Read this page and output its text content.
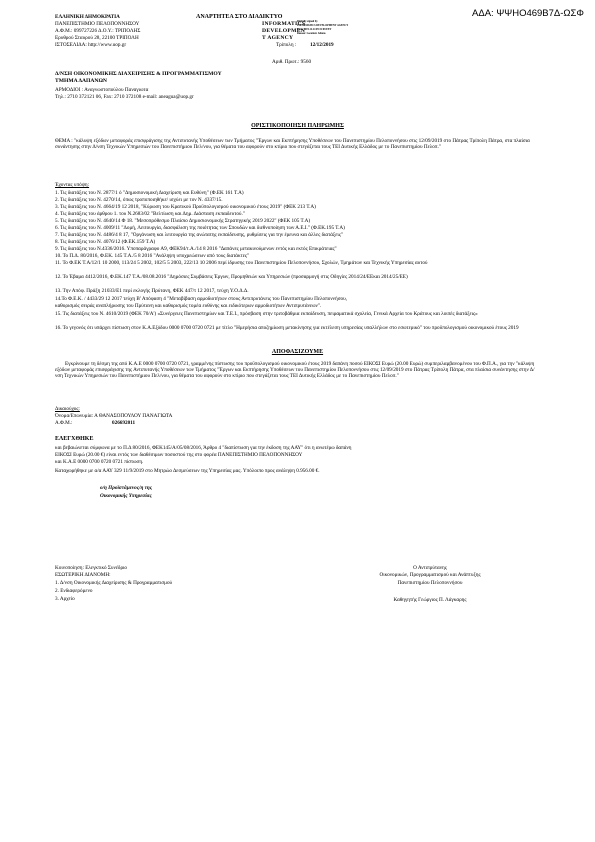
ΑΔΑ: ΨΨΗΟ469Β7Δ-ΩΣΦ
ΕΛΛΗΝΙΚΗ ΔΗΜΟΚΡΑΤΙΑ
ΠΑΝΕΠΙΣΤΗΜΙΟ ΠΕΛΟΠΟΝΝΗΣΟΥ
Α.Φ.Μ.: 099727226 Δ.Ο.Υ.: ΤΡΙΠΟΛΗΣ
Ερυθρού Σταυρού 28, 22100 ΤΡΙΠΟΛΗ
ΙΣΤΟΣΕΛΙΔΑ: http://www.uop.gr
ΑΝΑΡΤΗΤΕΑ ΣΤΟ ΔΙΑΔΙΚΤΥΟ
INFORMATICS
DEVELOPMEN
T AGENCY
Digitally signed by
INFORMATICS DEVELOPMENT AGENCY
Date: 2019.12.24 09:31:08 EET
Reason: Location: Athens
Τρίπολη :	12/12/2019
Αριθ. Πρωτ.: 9560
Δ/ΝΣΗ ΟΙΚΟΝΟΜΙΚΗΣ ΔΙΑΧΕΙΡΙΣΗΣ & ΠΡΟΓΡΑΜΜΑΤΙΣΜΟΥ
ΤΜΗΜΑ ΔΑΠΑΝΩΝ
ΑΡΜΟΔΙΟΙ : Αναγνωστοπούλου Παναγιωτα
Τηλ.: 2710 372121 06, Fax: 2710 372108 e-mail: aneagua@uop.gr
ΟΡΙΣΤΙΚΟΠΟΙΗΣΗ ΠΛΗΡΩΜΗΣ
ΘΕΜΑ : "κάλυψη εξόδων μεταφοράς επισφράγισης της Αντιπυτανής Υποθέσεων των Τμήματος "Έργων και Εκπτήρησης Υποθέσεων του Πανεπιστημίου Πελοποννήσου στις 12/09/2019 στο Πάτρας Τρίπολη Πάτρα, στα πλαίσια συνάντησης στην Δ/νση Τεχνικών Υπηρεσιών του Πανεπιστήμιου Πελ/νου, για θέματα του αφορούν στο κτίριο που στεγάζεται τους ΤΕΙ Δυτικής Ελλάδος με το Πανεπιστημίου Πελοπ."
Έχοντας υπόψη:
1. Τις διατάξεις του Ν. 2877/1 ό "Δημοσιονομική Διαχείριση και Ευθύνη" (Φ.ΕΚ 161 Τ.Α)
2. Τις διατάξεις του Ν. 4270/14, όπως τροποποιηθήκε/ ισχύει με τον Ν. 4337/15.
3. Τις διατάξεις του Ν. 4664/19 12 2018, "Κύρωση του Κρατικού Προϋπολογισμού οικονομικού έτους 2019" (ΦΕΚ 213 Τ.Α)
4. Τις διατάξεις του άρθρου 1. του Ν.2683/02 "Βελτίωση και Δημ. Διάσταση εκπαιδευτού."
5. Τις διατάξεις του Ν. 4640/14 Φ 18. "Μεσοπρόθεσμο Πλαίσιο Δημοσιονομικής Στρατηγικής 2019 2022" (ΦΕΚ 105 Τ.Α)
6. Τις διατάξεις του Ν. 4009/11 "Δομή, Λειτουργία, διασφάλιση της ποιότητας των Σπουδών και διεθνοποίηση των Α.Ε.Ι." (Φ.ΕΚ.195 Τ.Α)
7. Τις διατάξεις του Ν. 4486/4 8 17, "Οργάνωση και λειτουργία της ανώτατης εκπαίδευσης, ρυθμίσεις για την έρευνα και άλλες διατάξεις"
8. Τις διατάξεις του Ν. 4076/12 (Φ.ΕΚ.159 Τ.Α)
9. Τις διατάξεις του Ν.4336/2016. Υποπαράγραφο Α9, ΦΕΚ94/τ.Α./14 8 2016 "Δαπάνες μετακινούμενων εντός και εκτός Επικράτειας"
10. Το Π.Δ. 80/2016, Φ.ΕΚ. 145 Τ.Α./5 8 2016 "Ανάληψη υποχρεώσεων από τους διατάκτες"
11. Το Φ.ΕΚ Τ.Α/12/1 10 2000, 113/24 5 2002, 102/5 5 2003, 222/13 10 2006 περί ίδρυσης του Πανεπιστημίου Πελοποννήσου, Σχολών, Τμημάτων και Τεχνικής Υπηρεσίας αυτού
12. Το Έβαμα 4412/2016, Φ.ΕΚ.147 Τ.Α./08.08.2016 "Δημόσιες Συμβάσεις Έργων, Προμηθειών και Υπηρεσιών (προσαρμογή στις Οδηγίες 2014/24/ΕΕκαι 2014/25/ΕΕ)
13. Την Απόφ. Πράξη 21033/Ε1 περί εκλογής Πρύτανη, ΦΕΚ 447/τ 12 2017, τεύχη Υ.Ο.Δ.Δ.
14.Το Φ.Ε.Κ. / 4433/29 12 2017 τεύχη Β' Απόφαση 4 "Μεταβίβαση αρμοδιοτήτων στους Αντιπρυτάνεις του Πανεπιστημίου Πελοποννήσου,
καθορισμός σειράς αναπλήρωσης του Πρύτανη και καθορισμός τομέα ευθύνης και ειδικότερων αρμοδιοτήτων Αντιπρυτάνεων".
15. Τις διατάξεις του Ν. 4610/2019 (ΦΕΚ 70/Α') «Συνέργειες Πανεπιστημίων και Τ.Ε.Ι., πρόσβαση στην τριτοβάθμια εκπαίδευση, πειραματικά σχολεία, Γενικά Αρχεία του Κράτους και λοιπές διατάξεις»
16. Το γεγονός ότι υπάρχει πίστωση στον Κ.Α.Εξόδου 0000 0700 0720 0721 με τίτλο "Ημερήσια αποζημίωση μετακίνησης για εκτέλεση υπηρεσίας υπαλλήλων στο εσωτερικό" του προϋπολογισμού οικονομικού έτους 2019
ΑΠΟΦΑΣΙΖΟΥΜΕ
Εγκρίνουμε τη δέσμη της από Κ.Α.Ε 0000 0700 0720 0721, γραμμένης πίστωσης του προϋπολογισμού οικονομικού έτους 2019 δαπάνη ποσού ΕΙΚΟΣΙ Ευρώ (20.00 Ευρώ) συμπεριλαμβανομένου του Φ.Π.Α., για την "κάλυψη εξόδων μεταφοράς επισφράγισης της Αντιπυτανής Υποθέσεων των Τμήματος "Έργων και Εκπτήρησης Υποθέσεων του Πανεπιστημίου Πελοποννήσου στις 12/09/2019 στο Πάτρας Τρίπολη Πάτρα, στα πλαίσια συνάντησης στην Δ/νση Τεχνικών Υπηρεσιών του Πανεπιστήμιου Πελ/νου, για θέματα του αφορούν στο κτίριο που στεγάζεται τους ΤΕΙ Δυτικής Ελλάδος με το Πανεπιστημίου Πελοπ."
Δικαιούχος:
Όνομα/Επωνυμία: Α ΘΑΝΑΣΟΠΟΥΛΟΥ ΠΑΝΑΓΙΩΤΑ
Α.Φ.Μ.:	026692011
ΕΛΕΓΧΘΗΚΕ
και βεβαιώνεται σύμφωνα με το Π.Δ 80/2016, ΦΕΚ145/Α/05/08/2016, Άρθρο 4 "διαπίστωση για την έκδοση της ΑΑΥ" ότι η ανωτέρω δαπάνη
ΕΙΚΟΣΙ Ευρώ (20.00 €) είναι εντός των διαθέσιμων ποσοστού της στο φορέα ΠΑΝΕΠΙΣΤΗΜΙΟ ΠΕΛΟΠΟΝΝΗΣΟΥ
και Κ.Α.Ε 0000 0700 0720 0721 πίστωση.
Καταχωρήθηκε με α/α ΑΑΥ 329 11/9/2019 στο Μητρώο Δεσμεύσεων της Υπηρεσίας μας. Υπόλοιπο προς ανάληψη 0.956.00 €.
ο/η Προϊστάμενος/η της
Οικονομικής Υπηρεσίας
Κοινοποίηση: Ελεγκτικό Συνέδριο
ΕΣΩΤΕΡΙΚΗ ΔΙΑΝΟΜΗ:
1. Δ/νση Οικονομικής Διαχείρισης & Προγραμματισμού
2. Ενδιαφερόμενο
3. Αρχείο
Ο Αντιπρύτανης
Οικονομικών, Προγραμματισμού και Ανάπτυξης
Πανεπιστημίου Πελοποννήσου
Καθηγητής Γεώργιος Π. Λάγκαρης
